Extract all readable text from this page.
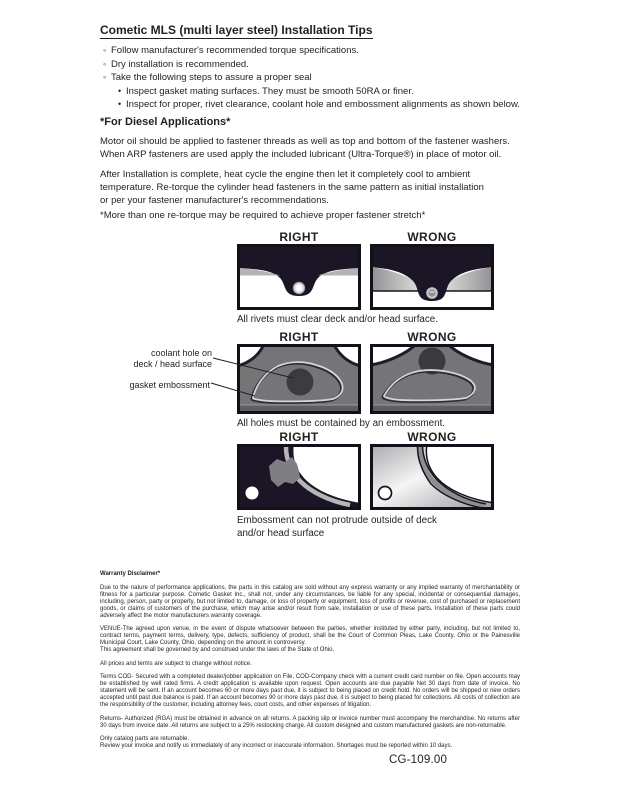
Cometic MLS (multi layer steel) Installation Tips
◦ Follow manufacturer's recommended torque specifications.
◦ Dry installation is recommended.
◦ Take the following steps to assure a proper seal
• Inspect gasket mating surfaces. They must be smooth 50RA or finer.
• Inspect for proper, rivet clearance, coolant hole and embossment alignments as shown below.
*For Diesel Applications*
Motor oil should be applied to fastener threads as well as top and bottom of the fastener washers.
When ARP fasteners are used apply the included lubricant (Ultra-Torque®) in place of motor oil.
After Installation is complete, heat cycle the engine then let it completely cool to ambient
temperature. Re-torque the cylinder head fasteners in the same pattern as initial installation
or per your fastener manufacturer's recommendations.
*More than one re-torque may be required to achieve proper fastener stretch*
RIGHT	WRONG
All rivets must clear deck and/or head surface.
RIGHT	WRONG
All holes must be contained by an embossment.
coolant hole on
deck / head surface
gasket embossment
RIGHT	WRONG
Embossment can not protrude outside of deck
and/or head surface
Warranty Disclaimer*

Due to the nature of performance applications, the parts in this catalog are sold without any express warranty or any implied warranty of merchantability or fitness for a particular purpose. Cometic Gasket Inc., shall not, under any circumstances, be liable for any special, incidental or consequential damages, including, person, party or property, but not limited to, damage, or loss of property or equipment, loss of profits or revenue, cost of purchased or replacement goods, or claims of customers of the purchase, which may arise and/or result from sale, installation or use of these parts. Installation of these parts could adversely affect the motor manufacturers warranty coverage.

VENUE-The agreed upon venue, in the event of dispute whatsoever between the parties, whether instituted by either party, including, but not limited to, contract terms, payment terms, delivery, type, defects, sufficiency of product, shall be the Court of Common Pleas, Lake County, Ohio or the Painesville Municipal Court, Lake County, Ohio, depending on the amount in controversy.

This agreement shall be governed by and construed under the laws of the State of Ohio.

All prices and terms are subject to change without notice.

Terms COD- Secured with a completed dealer/jobber application on File, COD-Company check with a current credit card number on file. Open accounts may be established by well rated firms. A credit application is available upon request. Open accounts are due payable Net 30 days from date of invoice. No statement will be sent. If an account becomes 60 or more days past due, it is subject to being placed on credit hold. No orders will be shipped or new orders accepted until past due balance is paid. If an account becomes 90 or more days past due, it is subject to being placed for collections. All costs of collection are the responsibility of the customer, including attorney fees, court costs, and other expenses of litigation.

Returns- Authorized (RGA) must be obtained in advance on all returns. A packing slip or invoice number must accompany the merchandise. No returns after 30 days from invoice date. All returns are subject to a 25% restocking charge. All custom designed and custom manufactured gaskets are non-returnable.

Only catalog parts are returnable.

Review your invoice and notify us immediately of any incorrect or inaccurate information. Shortages must be reported within 10 days.

CG-109.00
